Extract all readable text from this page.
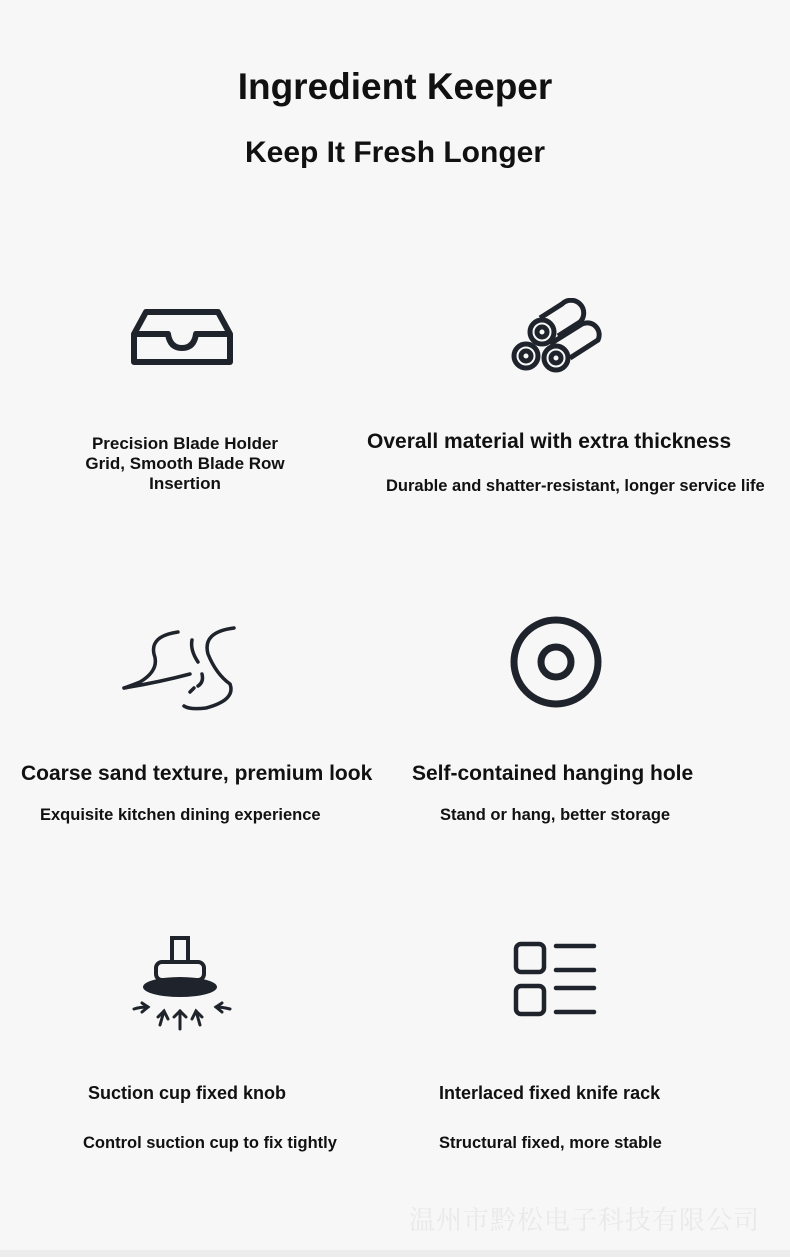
Ingredient Keeper
Keep It Fresh Longer
Precision Blade Holder Grid, Smooth Blade Row Insertion
Overall material with extra thickness
Durable and shatter-resistant, longer service life
Coarse sand texture, premium look
Exquisite kitchen dining experience
Self-contained hanging hole
Stand or hang, better storage
Suction cup fixed knob
Control suction cup to fix tightly
Interlaced fixed knife rack
Structural fixed, more stable
温州市黔松电子科技有限公司
